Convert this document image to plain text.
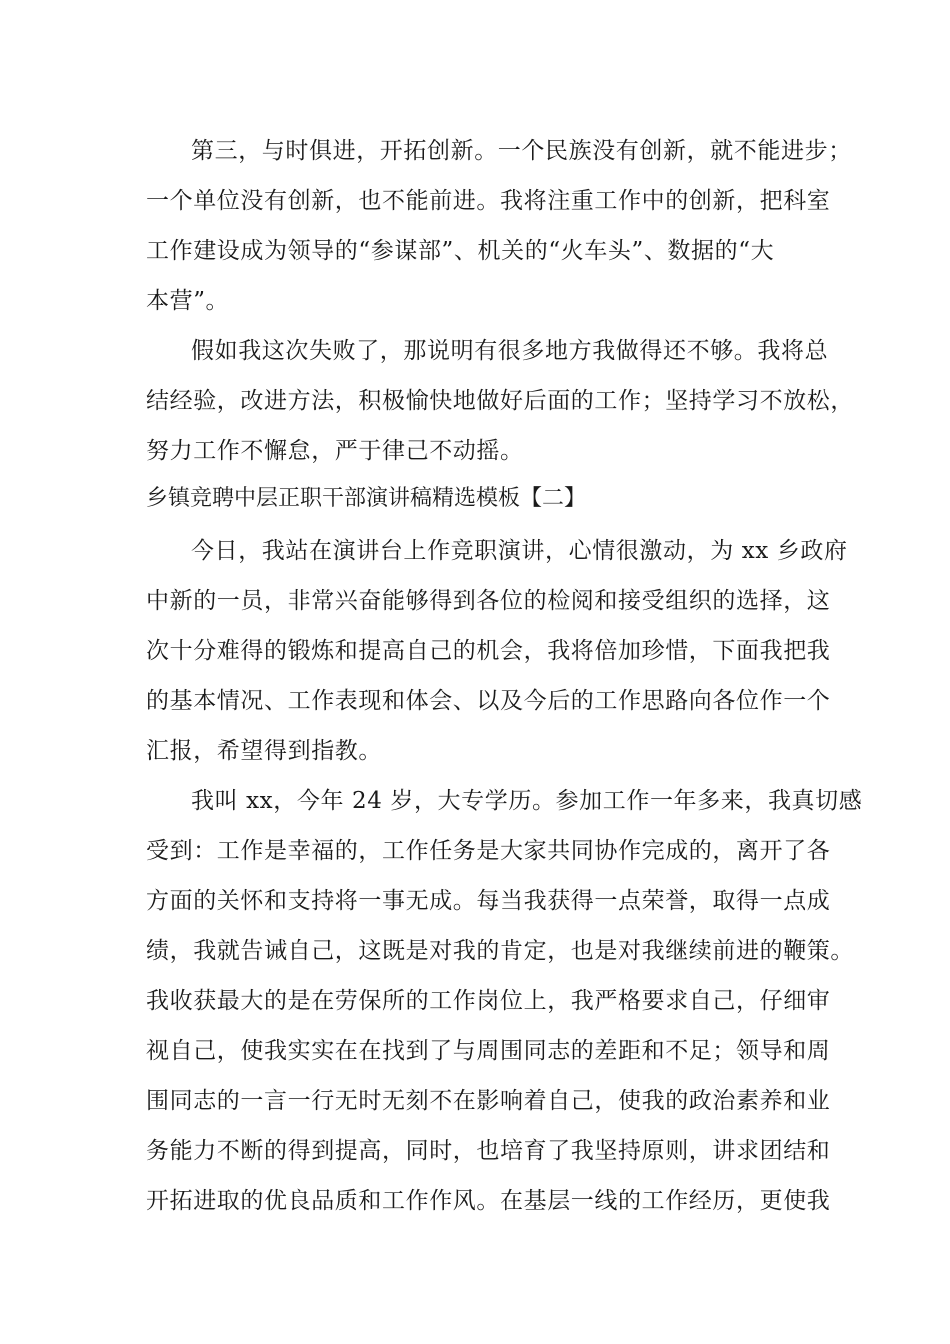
第三，与时俱进，开拓创新。一个民族没有创新，就不能进步；
一个单位没有创新，也不能前进。我将注重工作中的创新，把科室
工作建设成为领导的“参谋部”、机关的“火车头”、数据的“大
本营”。
假如我这次失败了，那说明有很多地方我做得还不够。我将总
结经验，改进方法，积极愉快地做好后面的工作；坚持学习不放松，
努力工作不懈怠，严于律己不动摇。
乡镇竞聘中层正职干部演讲稿精选模板【二】
今日，我站在演讲台上作竞职演讲，心情很激动，为 xx 乡政府
中新的一员，非常兴奋能够得到各位的检阅和接受组织的选择，这
次十分难得的锻炼和提高自己的机会，我将倍加珍惜，下面我把我
的基本情况、工作表现和体会、以及今后的工作思路向各位作一个
汇报，希望得到指教。
我叫 xx，今年 24 岁，大专学历。参加工作一年多来，我真切感
受到：工作是幸福的，工作任务是大家共同协作完成的，离开了各
方面的关怀和支持将一事无成。每当我获得一点荣誉，取得一点成
绩，我就告诫自己，这既是对我的肯定，也是对我继续前进的鞭策。
我收获最大的是在劳保所的工作岗位上，我严格要求自己，仔细审
视自己，使我实实在在找到了与周围同志的差距和不足；领导和周
围同志的一言一行无时无刻不在影响着自己，使我的政治素养和业
务能力不断的得到提高，同时，也培育了我坚持原则，讲求团结和
开拓进取的优良品质和工作作风。在基层一线的工作经历，更使我
